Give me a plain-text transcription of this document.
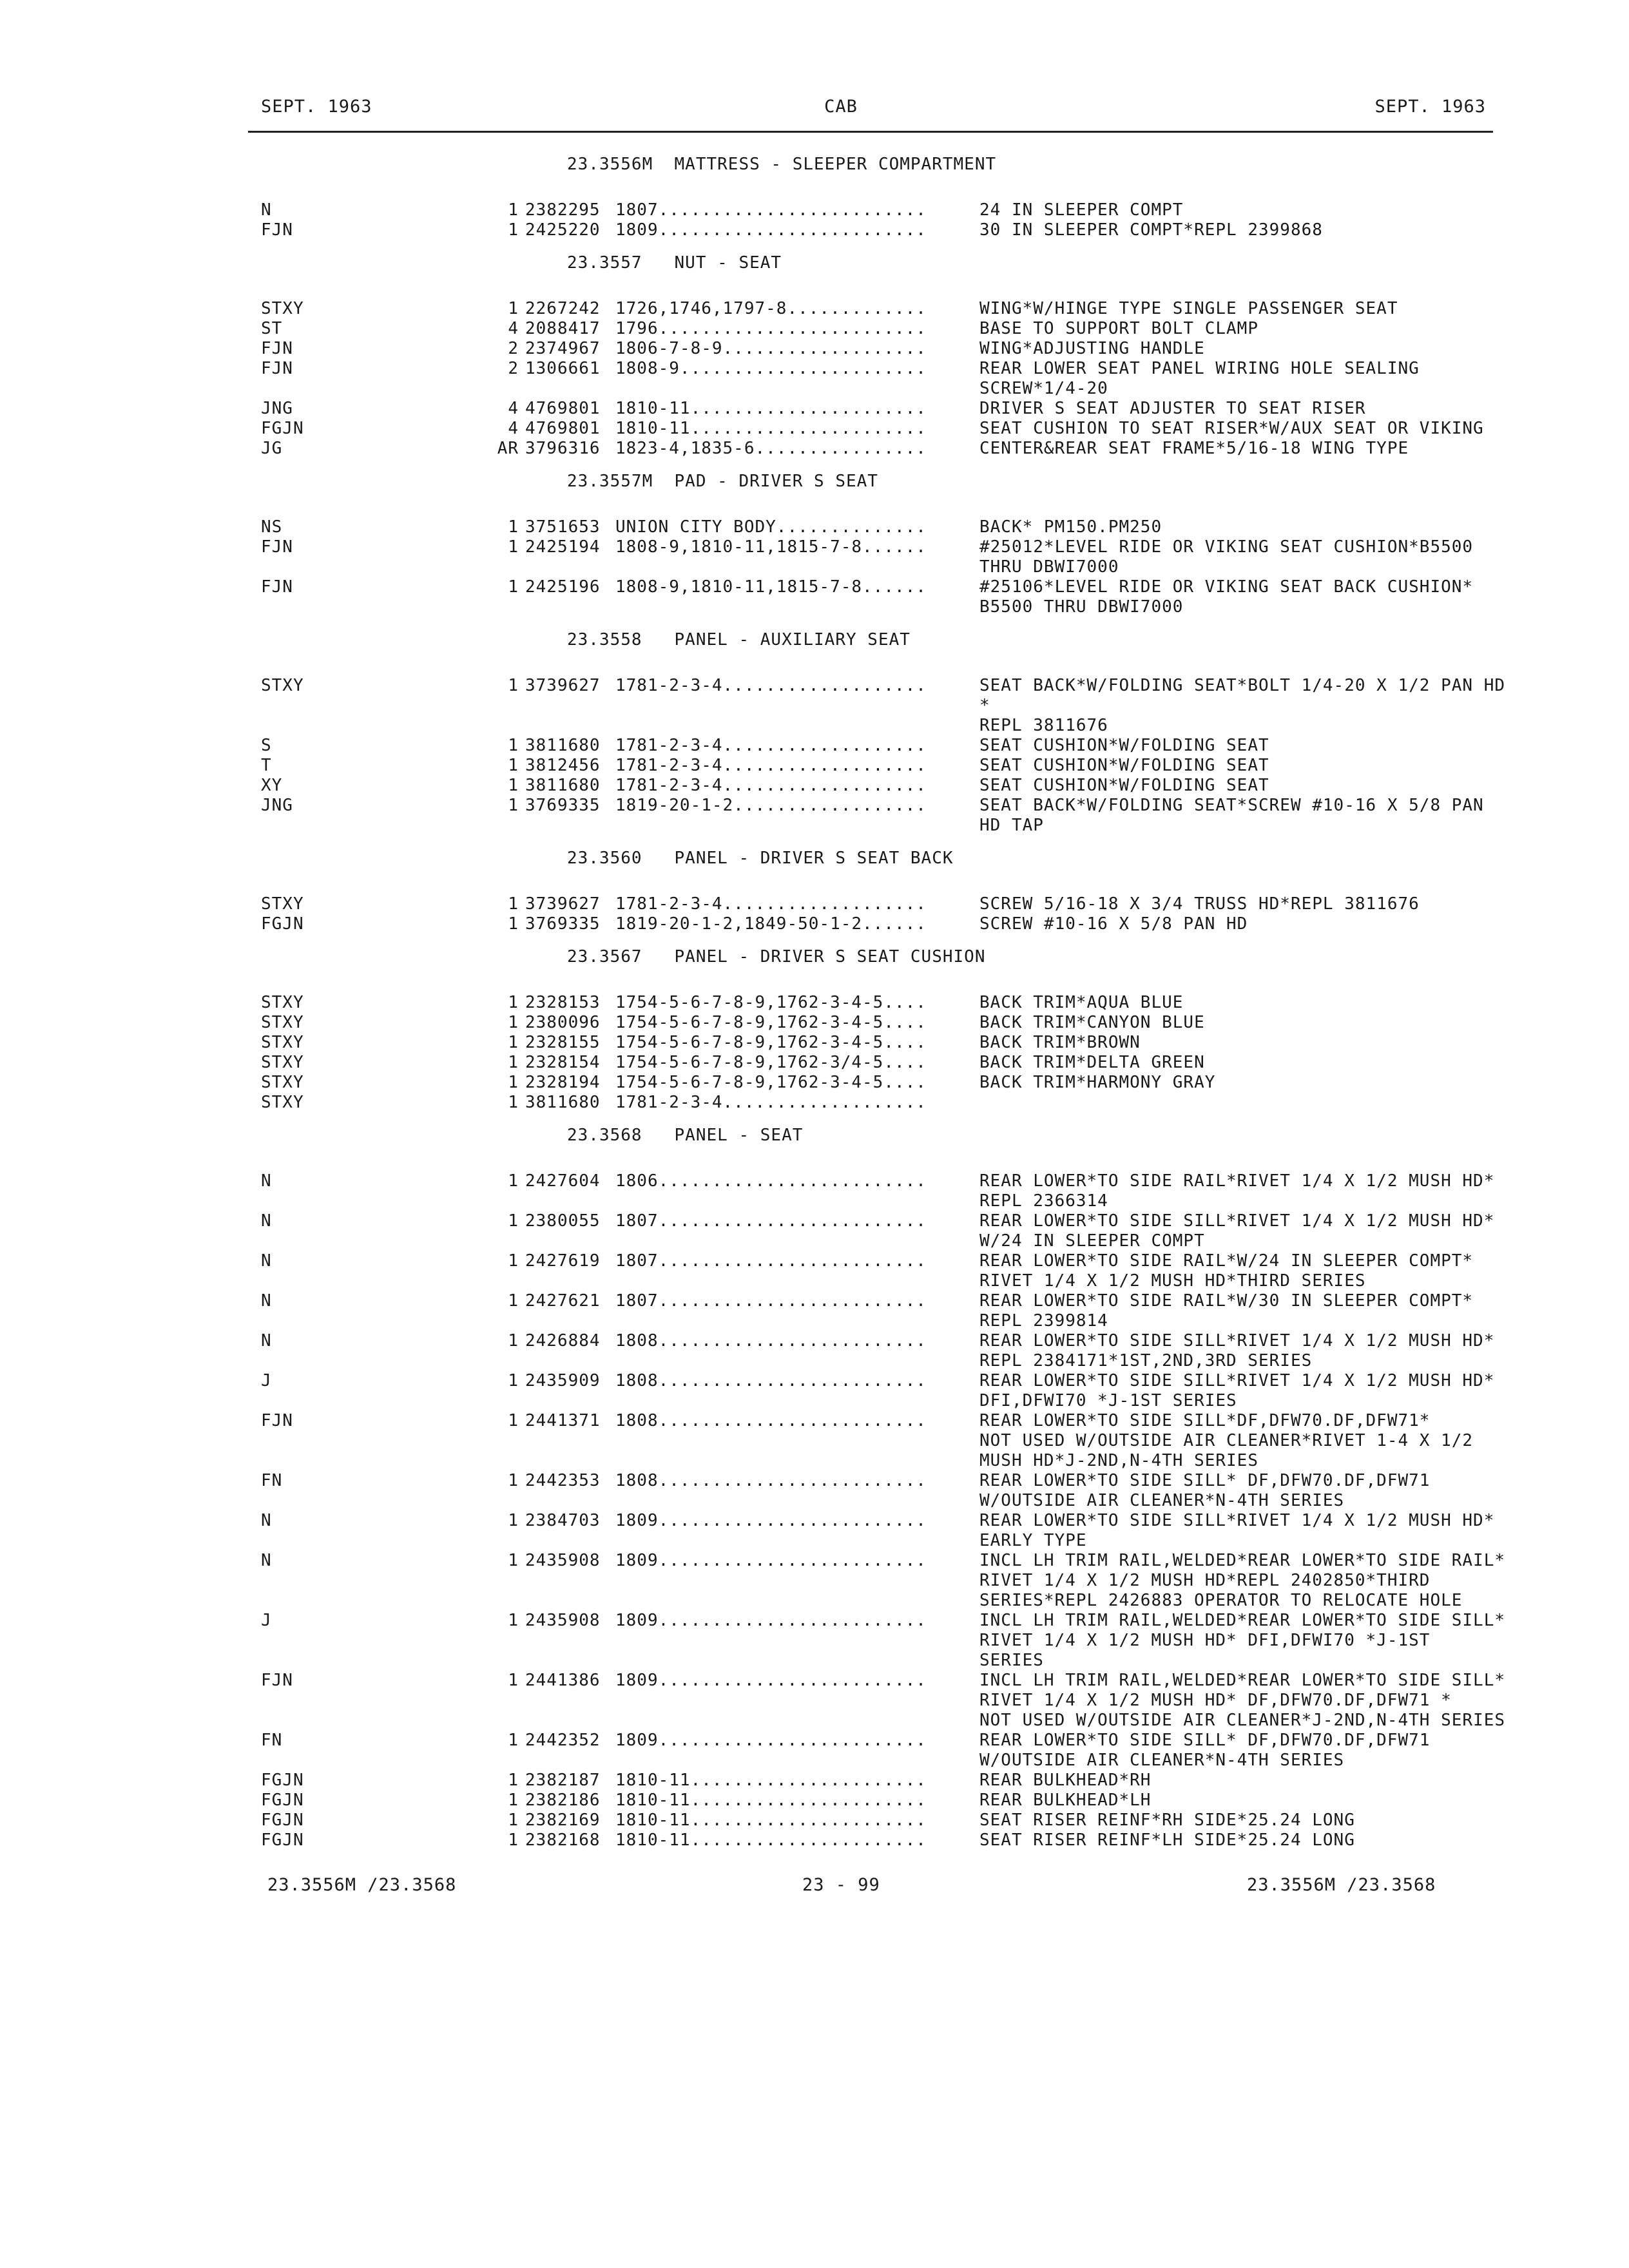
SEPT. 1963	CAB	SEPT. 1963
23.3556M  MATTRESS - SLEEPER COMPARTMENT
N	1 2382295 1807.........................	24 IN SLEEPER COMPT
FJN	1 2425220 1809.........................	30 IN SLEEPER COMPT*REPL 2399868
23.3557   NUT - SEAT
STXY	1 2267242 1726,1746,1797-8.............	WING*W/HINGE TYPE SINGLE PASSENGER SEAT
ST	4 2088417 1796.........................	BASE TO SUPPORT BOLT CLAMP
FJN	2 2374967 1806-7-8-9...................	WING*ADJUSTING HANDLE
FJN	2 1306661 1808-9.......................	REAR LOWER SEAT PANEL WIRING HOLE SEALING
SCREW*1/4-20
JNG	4 4769801 1810-11......................	DRIVER S SEAT ADJUSTER TO SEAT RISER
FGJN	4 4769801 1810-11......................	SEAT CUSHION TO SEAT RISER*W/AUX SEAT OR VIKING
JG	AR 3796316 1823-4,1835-6................	CENTER&REAR SEAT FRAME*5/16-18 WING TYPE
23.3557M  PAD - DRIVER S SEAT
NS	1 3751653 UNION CITY BODY..............	BACK* PM150.PM250
FJN	1 2425194 1808-9,1810-11,1815-7-8......	#25012*LEVEL RIDE OR VIKING SEAT CUSHION*B5500
THRU DBWI7000
FJN	1 2425196 1808-9,1810-11,1815-7-8......	#25106*LEVEL RIDE OR VIKING SEAT BACK CUSHION*
B5500 THRU DBWI7000
23.3558   PANEL - AUXILIARY SEAT
STXY	1 3739627 1781-2-3-4...................	SEAT BACK*W/FOLDING SEAT*BOLT 1/4-20 X 1/2 PAN HD*
REPL 3811676
S	1 3811680 1781-2-3-4...................	SEAT CUSHION*W/FOLDING SEAT
T	1 3812456 1781-2-3-4...................	SEAT CUSHION*W/FOLDING SEAT
XY	1 3811680 1781-2-3-4...................	SEAT CUSHION*W/FOLDING SEAT
JNG	1 3769335 1819-20-1-2..................	SEAT BACK*W/FOLDING SEAT*SCREW #10-16 X 5/8 PAN
HD TAP
23.3560   PANEL - DRIVER S SEAT BACK
STXY	1 3739627 1781-2-3-4...................	SCREW 5/16-18 X 3/4 TRUSS HD*REPL 3811676
FGJN	1 3769335 1819-20-1-2,1849-50-1-2......	SCREW #10-16 X 5/8 PAN HD
23.3567   PANEL - DRIVER S SEAT CUSHION
STXY	1 2328153 1754-5-6-7-8-9,1762-3-4-5....	BACK TRIM*AQUA BLUE
STXY	1 2380096 1754-5-6-7-8-9,1762-3-4-5....	BACK TRIM*CANYON BLUE
STXY	1 2328155 1754-5-6-7-8-9,1762-3-4-5....	BACK TRIM*BROWN
STXY	1 2328154 1754-5-6-7-8-9,1762-3/4-5....	BACK TRIM*DELTA GREEN
STXY	1 2328194 1754-5-6-7-8-9,1762-3-4-5....	BACK TRIM*HARMONY GRAY
STXY	1 3811680 1781-2-3-4...................
23.3568   PANEL - SEAT
N	1 2427604 1806.........................	REAR LOWER*TO SIDE RAIL*RIVET 1/4 X 1/2 MUSH HD*
REPL 2366314
N	1 2380055 1807.........................	REAR LOWER*TO SIDE SILL*RIVET 1/4 X 1/2 MUSH HD*
W/24 IN SLEEPER COMPT
N	1 2427619 1807.........................	REAR LOWER*TO SIDE RAIL*W/24 IN SLEEPER COMPT*
RIVET 1/4 X 1/2 MUSH HD*THIRD SERIES
N	1 2427621 1807.........................	REAR LOWER*TO SIDE RAIL*W/30 IN SLEEPER COMPT*
REPL 2399814
N	1 2426884 1808.........................	REAR LOWER*TO SIDE SILL*RIVET 1/4 X 1/2 MUSH HD*
REPL 2384171*1ST,2ND,3RD SERIES
J	1 2435909 1808.........................	REAR LOWER*TO SIDE SILL*RIVET 1/4 X 1/2 MUSH HD*
DFI,DFWI70 *J-1ST SERIES
FJN	1 2441371 1808.........................	REAR LOWER*TO SIDE SILL*DF,DFW70.DF,DFW71*
NOT USED W/OUTSIDE AIR CLEANER*RIVET 1-4 X 1/2
MUSH HD*J-2ND,N-4TH SERIES
FN	1 2442353 1808.........................	REAR LOWER*TO SIDE SILL* DF,DFW70.DF,DFW71
W/OUTSIDE AIR CLEANER*N-4TH SERIES
N	1 2384703 1809.........................	REAR LOWER*TO SIDE SILL*RIVET 1/4 X 1/2 MUSH HD*
EARLY TYPE
N	1 2435908 1809.........................	INCL LH TRIM RAIL,WELDED*REAR LOWER*TO SIDE RAIL*
RIVET 1/4 X 1/2 MUSH HD*REPL 2402850*THIRD
SERIES*REPL 2426883 OPERATOR TO RELOCATE HOLE
J	1 2435908 1809.........................	INCL LH TRIM RAIL,WELDED*REAR LOWER*TO SIDE SILL*
RIVET 1/4 X 1/2 MUSH HD* DFI,DFWI70 *J-1ST
SERIES
FJN	1 2441386 1809.........................	INCL LH TRIM RAIL,WELDED*REAR LOWER*TO SIDE SILL*
RIVET 1/4 X 1/2 MUSH HD* DF,DFW70.DF,DFW71 *
NOT USED W/OUTSIDE AIR CLEANER*J-2ND,N-4TH SERIES
FN	1 2442352 1809.........................	REAR LOWER*TO SIDE SILL* DF,DFW70.DF,DFW71
W/OUTSIDE AIR CLEANER*N-4TH SERIES
FGJN	1 2382187 1810-11......................	REAR BULKHEAD*RH
FGJN	1 2382186 1810-11......................	REAR BULKHEAD*LH
FGJN	1 2382169 1810-11......................	SEAT RISER REINF*RH SIDE*25.24 LONG
FGJN	1 2382168 1810-11......................	SEAT RISER REINF*LH SIDE*25.24 LONG
23.3556M /23.3568	23 - 99	23.3556M /23.3568
